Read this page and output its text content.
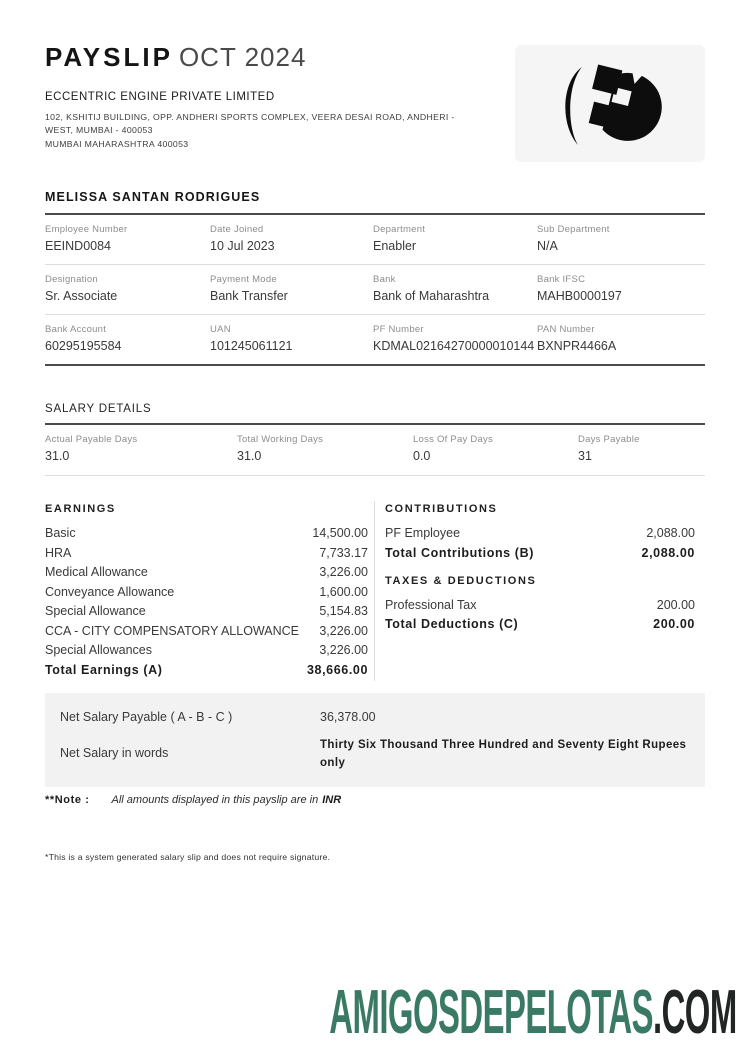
PAYSLIP OCT 2024
ECCENTRIC ENGINE PRIVATE LIMITED
102, KSHITIJ BUILDING, OPP. ANDHERI SPORTS COMPLEX, VEERA DESAI ROAD, ANDHERI - WEST, MUMBAI - 400053
MUMBAI MAHARASHTRA 400053
MELISSA SANTAN RODRIGUES
Employee Number
EEIND0084
Date Joined
10 Jul 2023
Department
Enabler
Sub Department
N/A
Designation
Sr. Associate
Payment Mode
Bank Transfer
Bank
Bank of Maharashtra
Bank IFSC
MAHB0000197
Bank Account
60295195584
UAN
101245061121
PF Number
KDMAL02164270000010144
PAN Number
BXNPR4466A
SALARY DETAILS
Actual Payable Days
31.0
Total Working Days
31.0
Loss Of Pay Days
0.0
Days Payable
31
EARNINGS
Basic	14,500.00
HRA	7,733.17
Medical Allowance	3,226.00
Conveyance Allowance	1,600.00
Special Allowance	5,154.83
CCA - CITY COMPENSATORY ALLOWANCE 3,226.00
Special Allowances	3,226.00
Total Earnings (A)	38,666.00
CONTRIBUTIONS
PF Employee	2,088.00
Total Contributions (B)	2,088.00
TAXES & DEDUCTIONS
Professional Tax	200.00
Total Deductions (C)	200.00
Net Salary Payable ( A - B - C )	36,378.00
Net Salary in words
Thirty Six Thousand Three Hundred and Seventy Eight Rupees only
**Note : All amounts displayed in this payslip are in INR
*This is a system generated salary slip and does not require signature.
AMIGOSDEPELOTAS.COM
